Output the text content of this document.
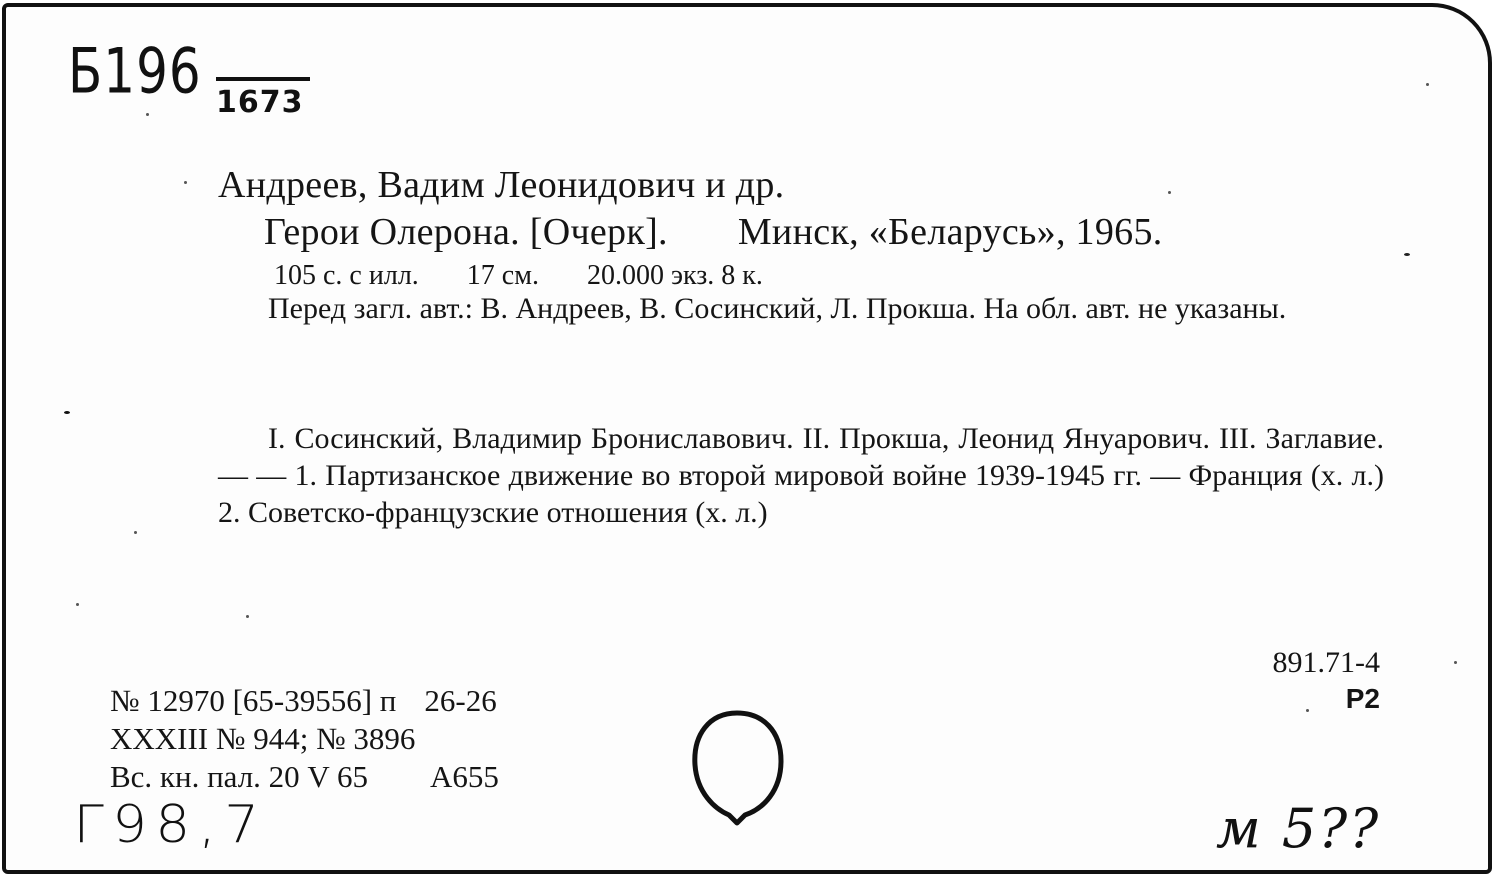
Б196 1673
Андреев, Вадим Леонидович и др.
Герои Олерона. [Очерк]. Минск, «Беларусь», 1965.
105 с. с илл. 17 см. 20.000 экз. 8 к.
Перед загл. авт.: В. Андреев, В. Сосинский, Л. Прокша. На обл. авт. не указаны.
I. Сосинский, Владимир Брониславович. II. Прокша, Леонид Януарович. III. Заглавие. — — 1. Партизанское движение во второй мировой войне 1939-1945 гг. — Франция (х. л.) 2. Советско-французские отношения (х. л.)
891.71-4
Р2
№ 12970 [65-39556] п 26-26
XXXIII № 944; № 3896
Вс. кн. пал. 20 V 65 А655
Г98,7	м 5??
